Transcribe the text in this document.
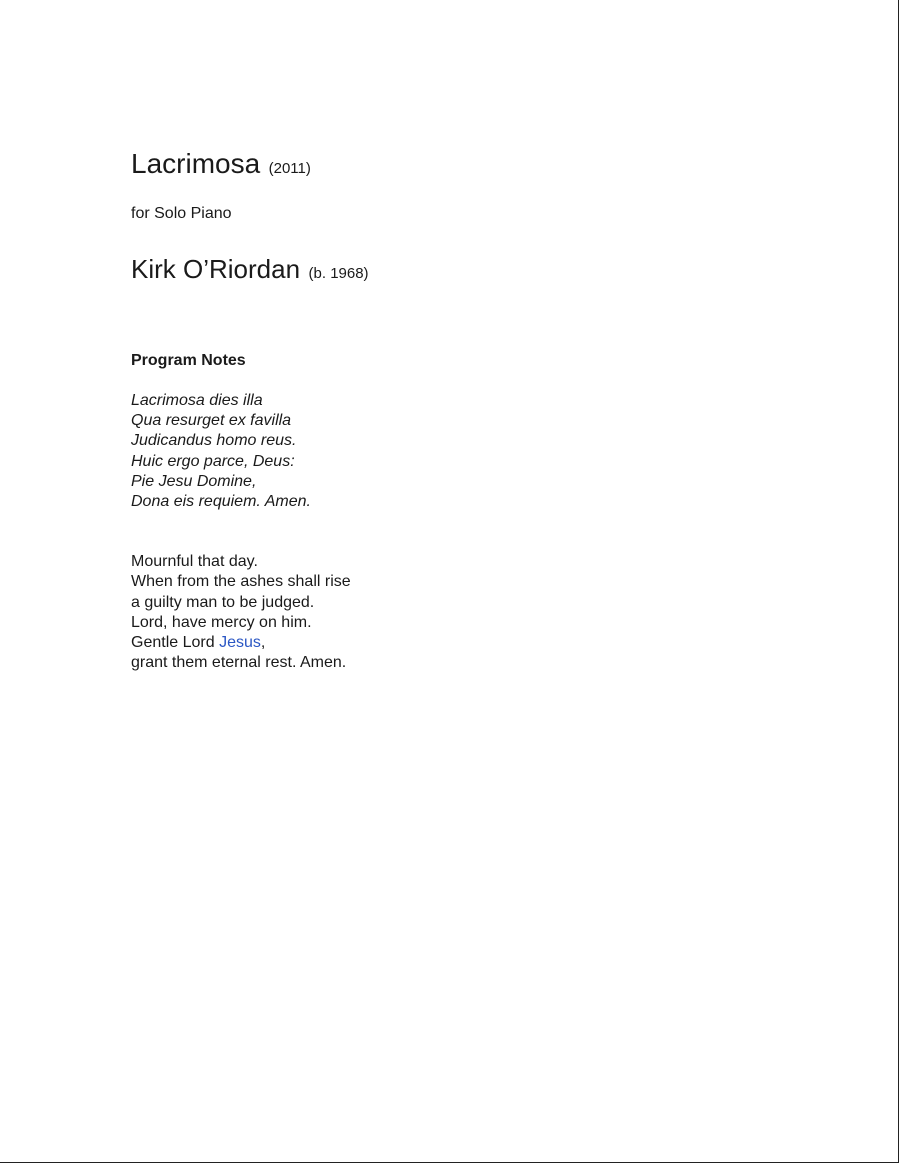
Lacrimosa (2011)

for Solo Piano

Kirk O’Riordan (b. 1968)
Program Notes
Lacrimosa dies illa
Qua resurget ex favilla
Judicandus homo reus.
Huic ergo parce, Deus:
Pie Jesu Domine,
Dona eis requiem. Amen.
Mournful that day.
When from the ashes shall rise
a guilty man to be judged.
Lord, have mercy on him.
Gentle Lord Jesus,
grant them eternal rest. Amen.
